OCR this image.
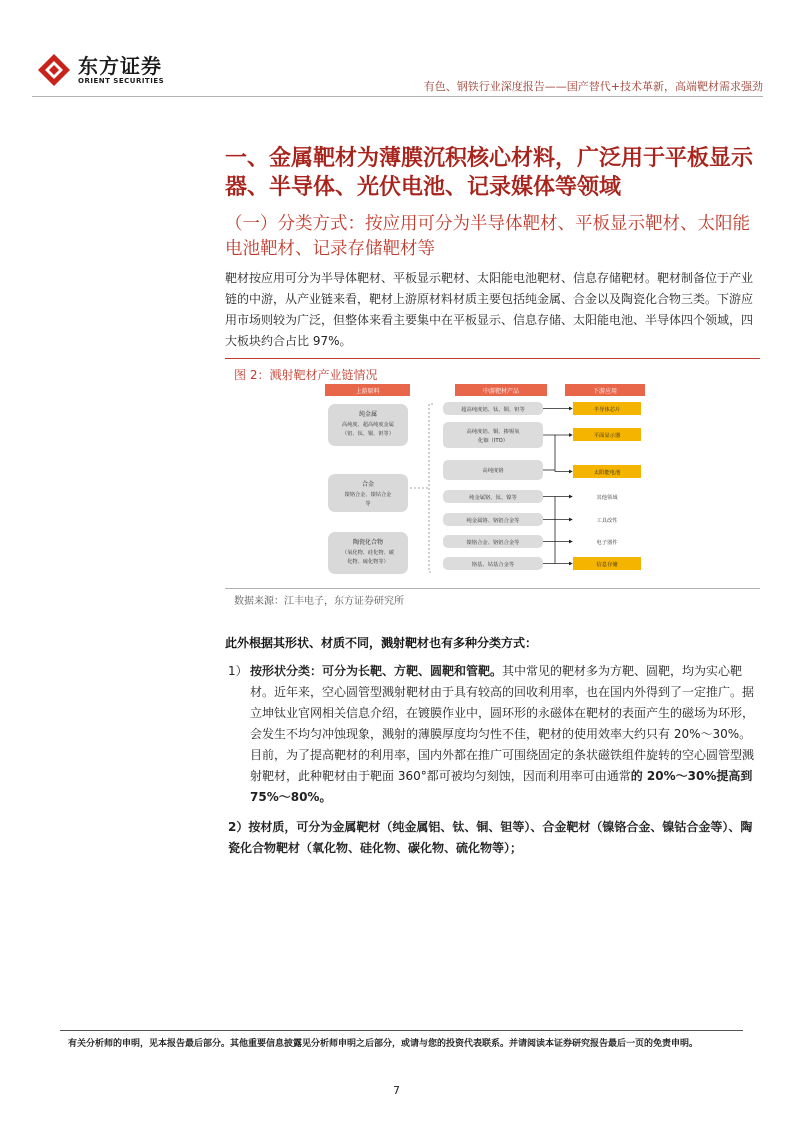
东方证券
ORIENT SECURITIES	有色、钢铁行业深度报告——国产替代+技术革新，高端靶材需求强劲
一、金属靶材为薄膜沉积核心材料，广泛用于平板显示器、半导体、光伏电池、记录媒体等领域
（一）分类方式：按应用可分为半导体靶材、平板显示靶材、太阳能电池靶材、记录存储靶材等
靶材按应用可分为半导体靶材、平板显示靶材、太阳能电池靶材、信息存储靶材。靶材制备位于产业链的中游，从产业链来看，靶材上游原材料材质主要包括纯金属、合金以及陶瓷化合物三类。下游应用市场则较为广泛，但整体来看主要集中在平板显示、信息存储、太阳能电池、半导体四个领域，四大板块约合占比 97%。
图 2：溅射靶材产业链情况
上游原料	中游靶材产品	下游应用
纯金属
高纯度、超高纯度金属
（铝、钛、铜、钽等）
合金
镍铬合金、镍钴合金
等
陶瓷化合物
（氧化物、硅化物、碳
化物、硫化物等）
超高纯度铝、钛、铜、钽等
高纯度铝、铜、掺锡氧
化铟（ITO）
高纯度铬
纯金属铬、钛、镍等
纯金属铬、铬铝合金等
镍铬合金、铬铝合金等
铬基、钴基合金等
半导体芯片
平面显示器
太阳能电池
其他领域
工具改性
电子器件
信息存储
数据来源：江丰电子，东方证券研究所
此外根据其形状、材质不同，溅射靶材也有多种分类方式：
1） 按形状分类：可分为长靶、方靶、圆靶和管靶。其中常见的靶材多为方靶、圆靶，均为实心靶材。近年来，空心圆管型溅射靶材由于具有较高的回收利用率，也在国内外得到了一定推广。据立坤钛业官网相关信息介绍，在镀膜作业中，圆环形的永磁体在靶材的表面产生的磁场为环形，会发生不均匀冲蚀现象，溅射的薄膜厚度均匀性不佳，靶材的使用效率大约只有 20%～30%。目前，为了提高靶材的利用率，国内外都在推广可围绕固定的条状磁铁组件旋转的空心圆管型溅射靶材，此种靶材由于靶面 360°都可被均匀刻蚀，因而利用率可由通常的 20%～30%提高到 75%～80%。
2）按材质，可分为金属靶材（纯金属铝、钛、铜、钽等）、合金靶材（镍铬合金、镍钴合金等）、陶瓷化合物靶材（氧化物、硅化物、碳化物、硫化物等）；
有关分析师的申明，见本报告最后部分。其他重要信息披露见分析师申明之后部分，或请与您的投资代表联系。并请阅读本证券研究报告最后一页的免责申明。
7
